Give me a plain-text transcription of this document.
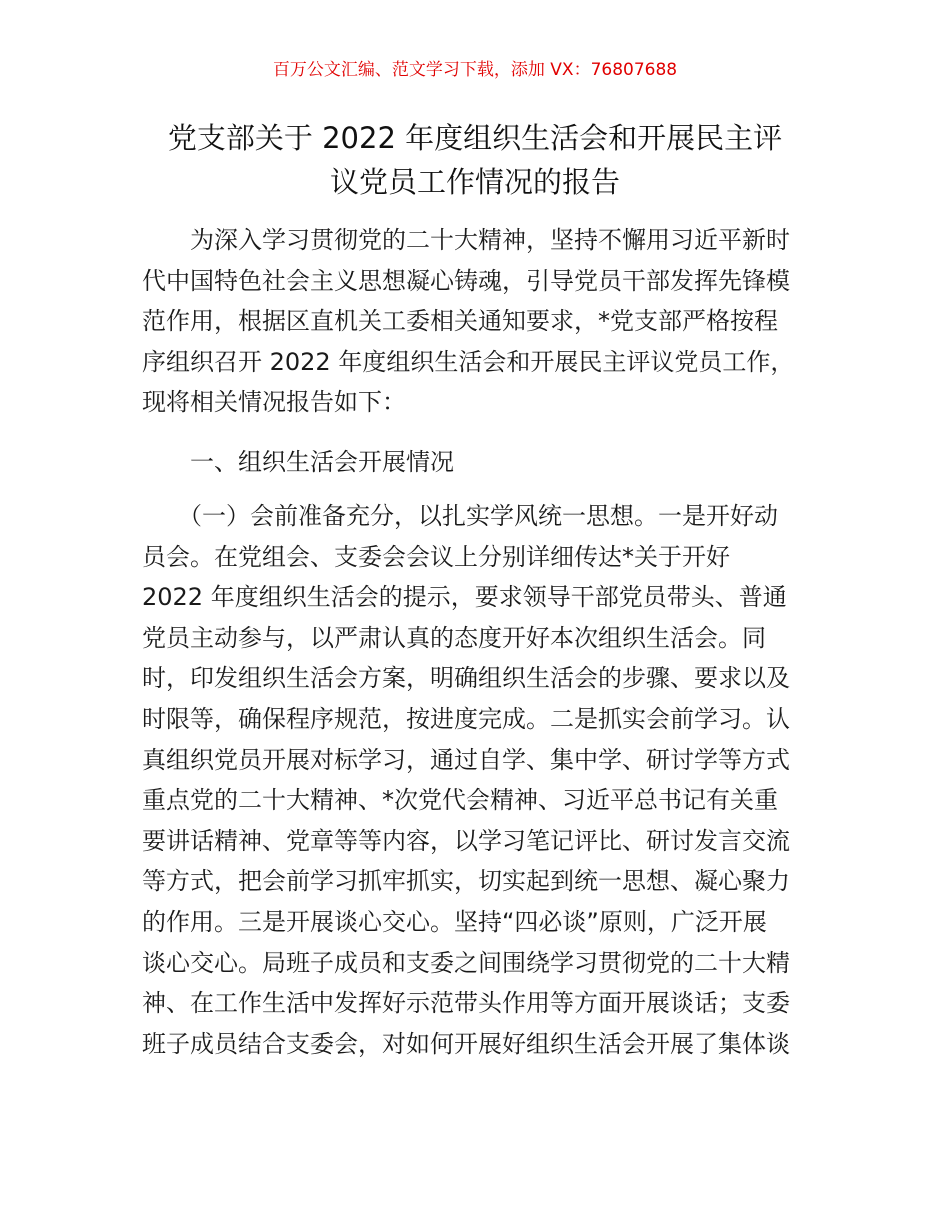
百万公文汇编、范文学习下载，添加 VX：76807688
党支部关于 2022 年度组织生活会和开展民主评
议党员工作情况的报告
　　为深入学习贯彻党的二十大精神，坚持不懈用习近平新时
代中国特色社会主义思想凝心铸魂，引导党员干部发挥先锋模
范作用，根据区直机关工委相关通知要求，*党支部严格按程
序组织召开 2022 年度组织生活会和开展民主评议党员工作，
现将相关情况报告如下：
　　一、组织生活会开展情况
　　（一）会前准备充分，以扎实学风统一思想。一是开好动
员会。在党组会、支委会会议上分别详细传达*关于开好
2022 年度组织生活会的提示，要求领导干部党员带头、普通
党员主动参与，以严肃认真的态度开好本次组织生活会。同
时，印发组织生活会方案，明确组织生活会的步骤、要求以及
时限等，确保程序规范，按进度完成。二是抓实会前学习。认
真组织党员开展对标学习，通过自学、集中学、研讨学等方式
重点党的二十大精神、*次党代会精神、习近平总书记有关重
要讲话精神、党章等等内容，以学习笔记评比、研讨发言交流
等方式，把会前学习抓牢抓实，切实起到统一思想、凝心聚力
的作用。三是开展谈心交心。坚持“四必谈”原则，广泛开展
谈心交心。局班子成员和支委之间围绕学习贯彻党的二十大精
神、在工作生活中发挥好示范带头作用等方面开展谈话；支委
班子成员结合支委会，对如何开展好组织生活会开展了集体谈
